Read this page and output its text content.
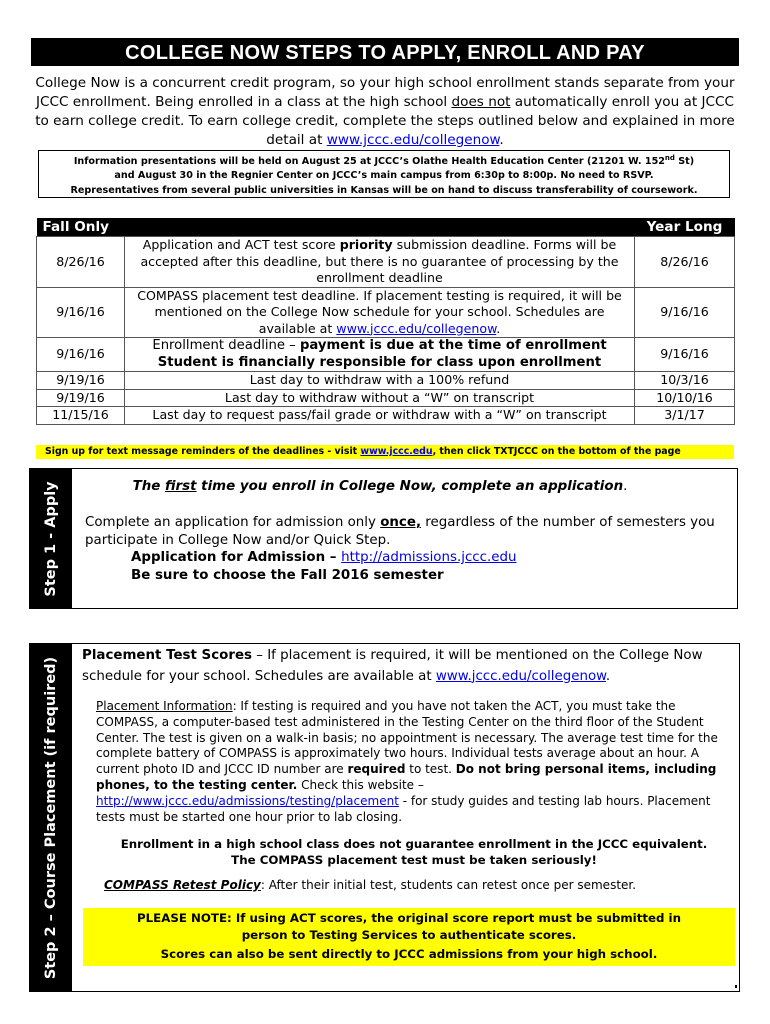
COLLEGE NOW STEPS TO APPLY, ENROLL AND PAY
College Now is a concurrent credit program, so your high school enrollment stands separate from your JCCC enrollment. Being enrolled in a class at the high school does not automatically enroll you at JCCC to earn college credit. To earn college credit, complete the steps outlined below and explained in more detail at www.jccc.edu/collegenow.
Information presentations will be held on August 25 at JCCC’s Olathe Health Education Center (21201 W. 152nd St)
and August 30 in the Regnier Center on JCCC’s main campus from 6:30p to 8:00p. No need to RSVP.
Representatives from several public universities in Kansas will be on hand to discuss transferability of coursework.
Fall Only		Year Long
8/26/16	Application and ACT test score priority submission deadline. Forms will be accepted after this deadline, but there is no guarantee of processing by the enrollment deadline	8/26/16
9/16/16	COMPASS placement test deadline. If placement testing is required, it will be mentioned on the College Now schedule for your school. Schedules are available at www.jccc.edu/collegenow.	9/16/16
9/16/16	Enrollment deadline – payment is due at the time of enrollment
Student is financially responsible for class upon enrollment	9/16/16
9/19/16	Last day to withdraw with a 100% refund	10/3/16
9/19/16	Last day to withdraw without a “W” on transcript	10/10/16
11/15/16	Last day to request pass/fail grade or withdraw with a “W” on transcript	3/1/17
Sign up for text message reminders of the deadlines - visit www.jccc.edu, then click TXTJCCC on the bottom of the page
Step 1 - Apply	The first time you enroll in College Now, complete an application.
Complete an application for admission only once, regardless of the number of semesters you participate in College Now and/or Quick Step.
Application for Admission – http://admissions.jccc.edu
Be sure to choose the Fall 2016 semester
Step 2 – Course Placement (if required)
Placement Test Scores – If placement is required, it will be mentioned on the College Now schedule for your school. Schedules are available at www.jccc.edu/collegenow.
Placement Information: If testing is required and you have not taken the ACT, you must take the COMPASS, a computer-based test administered in the Testing Center on the third floor of the Student Center. The test is given on a walk-in basis; no appointment is necessary. The average test time for the complete battery of COMPASS is approximately two hours. Individual tests average about an hour. A current photo ID and JCCC ID number are required to test. Do not bring personal items, including phones, to the testing center. Check this website – http://www.jccc.edu/admissions/testing/placement - for study guides and testing lab hours. Placement tests must be started one hour prior to lab closing.
Enrollment in a high school class does not guarantee enrollment in the JCCC equivalent.
The COMPASS placement test must be taken seriously!
COMPASS Retest Policy: After their initial test, students can retest once per semester.
PLEASE NOTE: If using ACT scores, the original score report must be submitted in
person to Testing Services to authenticate scores.
Scores can also be sent directly to JCCC admissions from your high school.
